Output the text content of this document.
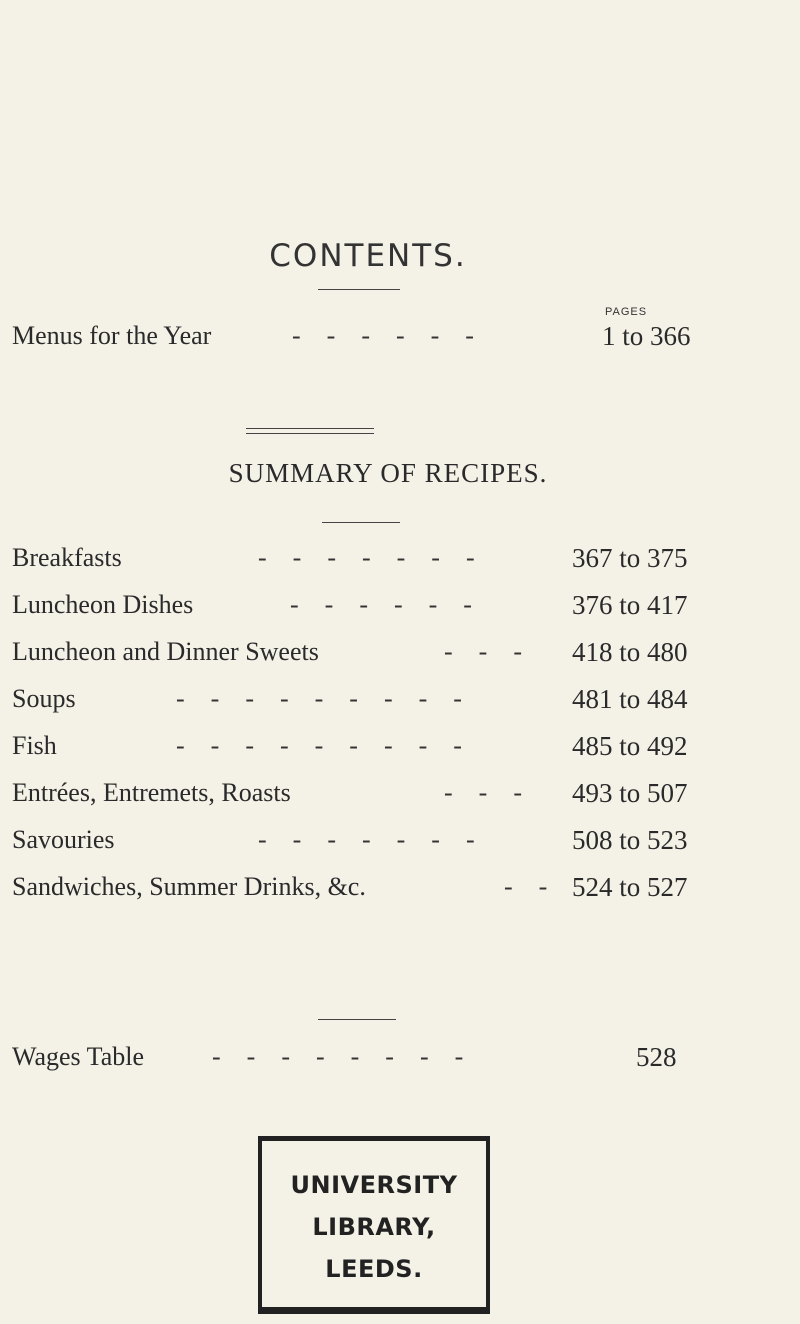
CONTENTS.
PAGES
Menus for the Year	-    -    -    -    -    -	1 to 366
SUMMARY OF RECIPES.
Breakfasts	-    -    -    -    -    -    -	367 to 375
Luncheon Dishes	-    -    -    -    -    -	376 to 417
Luncheon and Dinner Sweets	-    -    - 418 to 480
Soups	-    -    -    -    -    -    -    -    -	481 to 484
Fish	-    -    -    -    -    -    -    -    -	485 to 492
Entrées, Entremets, Roasts	-    -    - 493 to 507
Savouries	-    -    -    -    -    -    -	508 to 523
Sandwiches, Summer Drinks, &c.	-    - 524 to 527
Wages Table	-    -    -    -    -    -    -    -	528
UNIVERSITY
LIBRARY,
LEEDS.
